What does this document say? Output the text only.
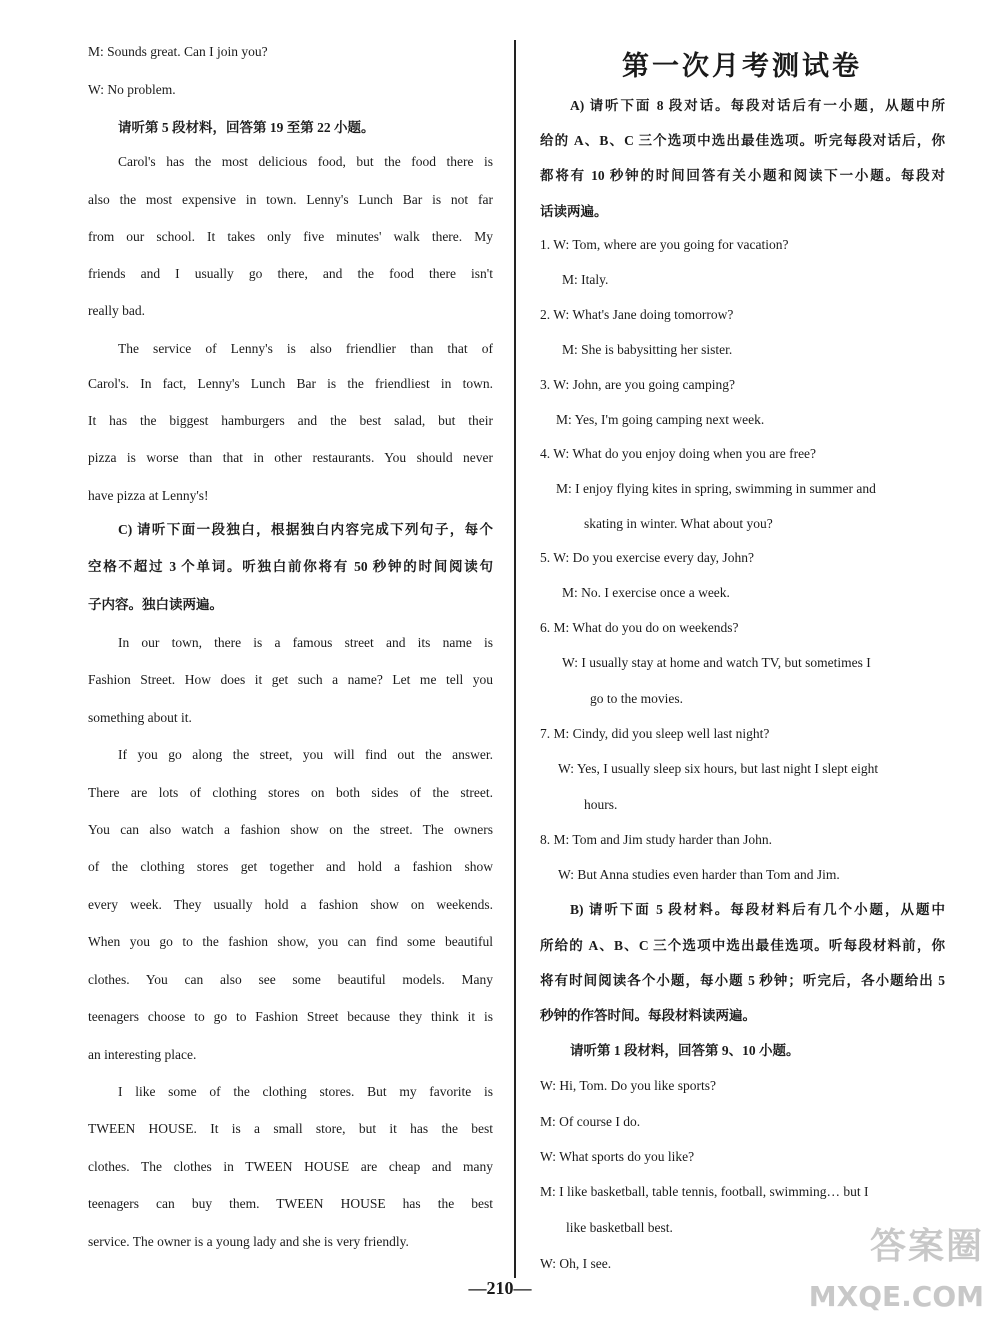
M: Sounds great. Can I join you?
W: No problem.
请听第 5 段材料，回答第 19 至第 22 小题。
Carol's has the most delicious food, but the food there is
also the most expensive in town. Lenny's Lunch Bar is not far
from our school. It takes only five minutes' walk there. My
friends and I usually go there, and the food there isn't
really bad.
The service of Lenny's is also friendlier than that of
Carol's. In fact, Lenny's Lunch Bar is the friendliest in town.
It has the biggest hamburgers and the best salad, but their
pizza is worse than that in other restaurants. You should never
have pizza at Lenny's!
C) 请听下面一段独白，根据独白内容完成下列句子，每个
空格不超过 3 个单词。听独白前你将有 50 秒钟的时间阅读句
子内容。独白读两遍。
In our town, there is a famous street and its name is
Fashion Street. How does it get such a name? Let me tell you
something about it.
If you go along the street, you will find out the answer.
There are lots of clothing stores on both sides of the street.
You can also watch a fashion show on the street. The owners
of the clothing stores get together and hold a fashion show
every week. They usually hold a fashion show on weekends.
When you go to the fashion show, you can find some beautiful
clothes. You can also see some beautiful models. Many
teenagers choose to go to Fashion Street because they think it is
an interesting place.
I like some of the clothing stores. But my favorite is
TWEEN HOUSE. It is a small store, but it has the best
clothes. The clothes in TWEEN HOUSE are cheap and many
teenagers can buy them. TWEEN HOUSE has the best
service. The owner is a young lady and she is very friendly.
第一次月考测试卷
A) 请听下面 8 段对话。每段对话后有一小题，从题中所
给的 A、B、C 三个选项中选出最佳选项。听完每段对话后，你
都将有 10 秒钟的时间回答有关小题和阅读下一小题。每段对
话读两遍。
1. W: Tom, where are you going for vacation?
M: Italy.
2. W: What's Jane doing tomorrow?
M: She is babysitting her sister.
3. W: John, are you going camping?
M: Yes, I'm going camping next week.
4. W: What do you enjoy doing when you are free?
M: I enjoy flying kites in spring, swimming in summer and
skating in winter. What about you?
5. W: Do you exercise every day, John?
M: No. I exercise once a week.
6. M: What do you do on weekends?
W: I usually stay at home and watch TV, but sometimes I
go to the movies.
7. M: Cindy, did you sleep well last night?
W: Yes, I usually sleep six hours, but last night I slept eight
hours.
8. M: Tom and Jim study harder than John.
W: But Anna studies even harder than Tom and Jim.
B) 请听下面 5 段材料。每段材料后有几个小题，从题中
所给的 A、B、C 三个选项中选出最佳选项。听每段材料前，你
将有时间阅读各个小题，每小题 5 秒钟；听完后，各小题给出 5
秒钟的作答时间。每段材料读两遍。
请听第 1 段材料，回答第 9、10 小题。
W: Hi, Tom. Do you like sports?
M: Of course I do.
W: What sports do you like?
M: I like basketball, table tennis, football, swimming… but I
like basketball best.
W: Oh, I see.
—210—
答案圈
MXQE.COM
